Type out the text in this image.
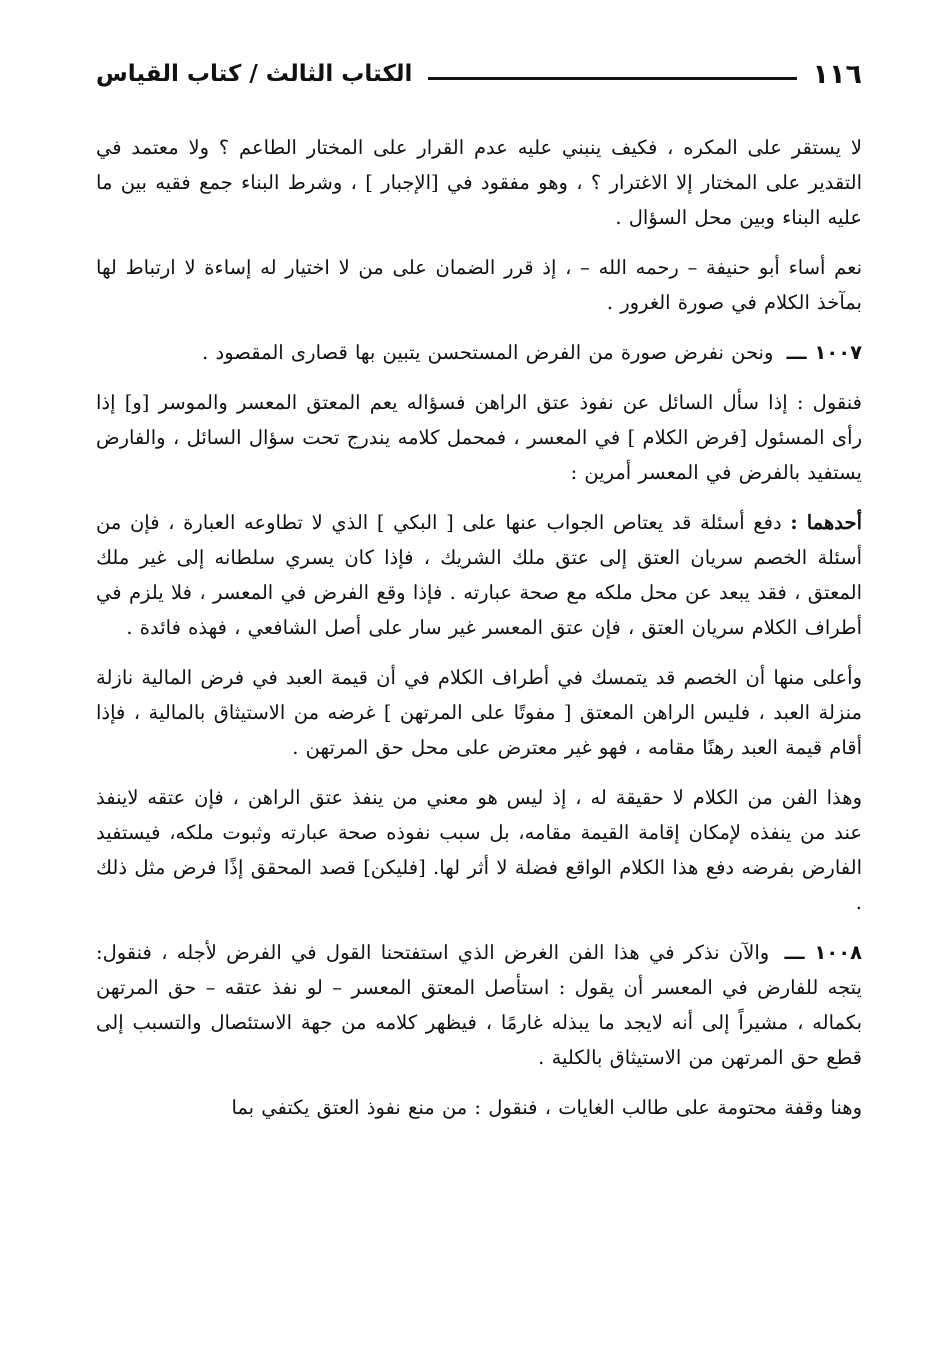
١١٦
الكتاب الثالث / كتاب القياس

لا يستقر على المكره ، فكيف ينبني عليه عدم القرار على المختار الطاعم ؟ ولا معتمد في التقدير على المختار إلا الاغترار ؟ ، وهو مفقود في [الإجبار ] ، وشرط البناء جمع فقيه بين ما عليه البناء وبين محل السؤال .

نعم أساء أبو حنيفة – رحمه الله – ، إذ قرر الضمان على من لا اختيار له إساءة لا ارتباط لها بمآخذ الكلام في صورة الغرور .

١٠٠٧ ـــ ونحن نفرض صورة من الفرض المستحسن يتبين بها قصارى المقصود .

فنقول : إذا سأل السائل عن نفوذ عتق الراهن فسؤاله يعم المعتق المعسر والموسر [و] إذا رأى المسئول [فرض الكلام ] في المعسر ، فمحمل كلامه يندرج تحت سؤال السائل ، والفارض يستفيد بالفرض في المعسر أمرين :

أحدهما : دفع أسئلة قد يعتاص الجواب عنها على [ البكي ] الذي لا تطاوعه العبارة ، فإن من أسئلة الخصم سريان العتق إلى عتق ملك الشريك ، فإذا كان يسري سلطانه إلى غير ملك المعتق ، فقد يبعد عن محل ملكه مع صحة عبارته . فإذا وقع الفرض في المعسر ، فلا يلزم في أطراف الكلام سريان العتق ، فإن عتق المعسر غير سار على أصل الشافعي ، فهذه فائدة .

وأعلى منها أن الخصم قد يتمسك في أطراف الكلام في أن قيمة العبد في فرض المالية نازلة منزلة العبد ، فليس الراهن المعتق [ مفوتًا على المرتهن ] غرضه من الاستيثاق بالمالية ، فإذا أقام قيمة العبد رهنًا مقامه ، فهو غير معترض على محل حق المرتهن .

وهذا الفن من الكلام لا حقيقة له ، إذ ليس هو معني من ينفذ عتق الراهن ، فإن عتقه لاينفذ عند من ينفذه لإمكان إقامة القيمة مقامه، بل سبب نفوذه صحة عبارته وثبوت ملكه، فيستفيد الفارض بفرضه دفع هذا الكلام الواقع فضلة لا أثر لها. [فليكن] قصد المحقق إذًا فرض مثل ذلك .

١٠٠٨ ـــ والآن نذكر في هذا الفن الغرض الذي استفتحنا القول في الفرض لأجله ، فنقول: يتجه للفارض في المعسر أن يقول : استأصل المعتق المعسر – لو نفذ عتقه – حق المرتهن بكماله ، مشيراً إلى أنه لايجد ما يبذله غارمًا ، فيظهر كلامه من جهة الاستئصال والتسبب إلى قطع حق المرتهن من الاستيثاق بالكلية .

وهنا وقفة محتومة على طالب الغايات ، فنقول : من منع نفوذ العتق يكتفي بما
